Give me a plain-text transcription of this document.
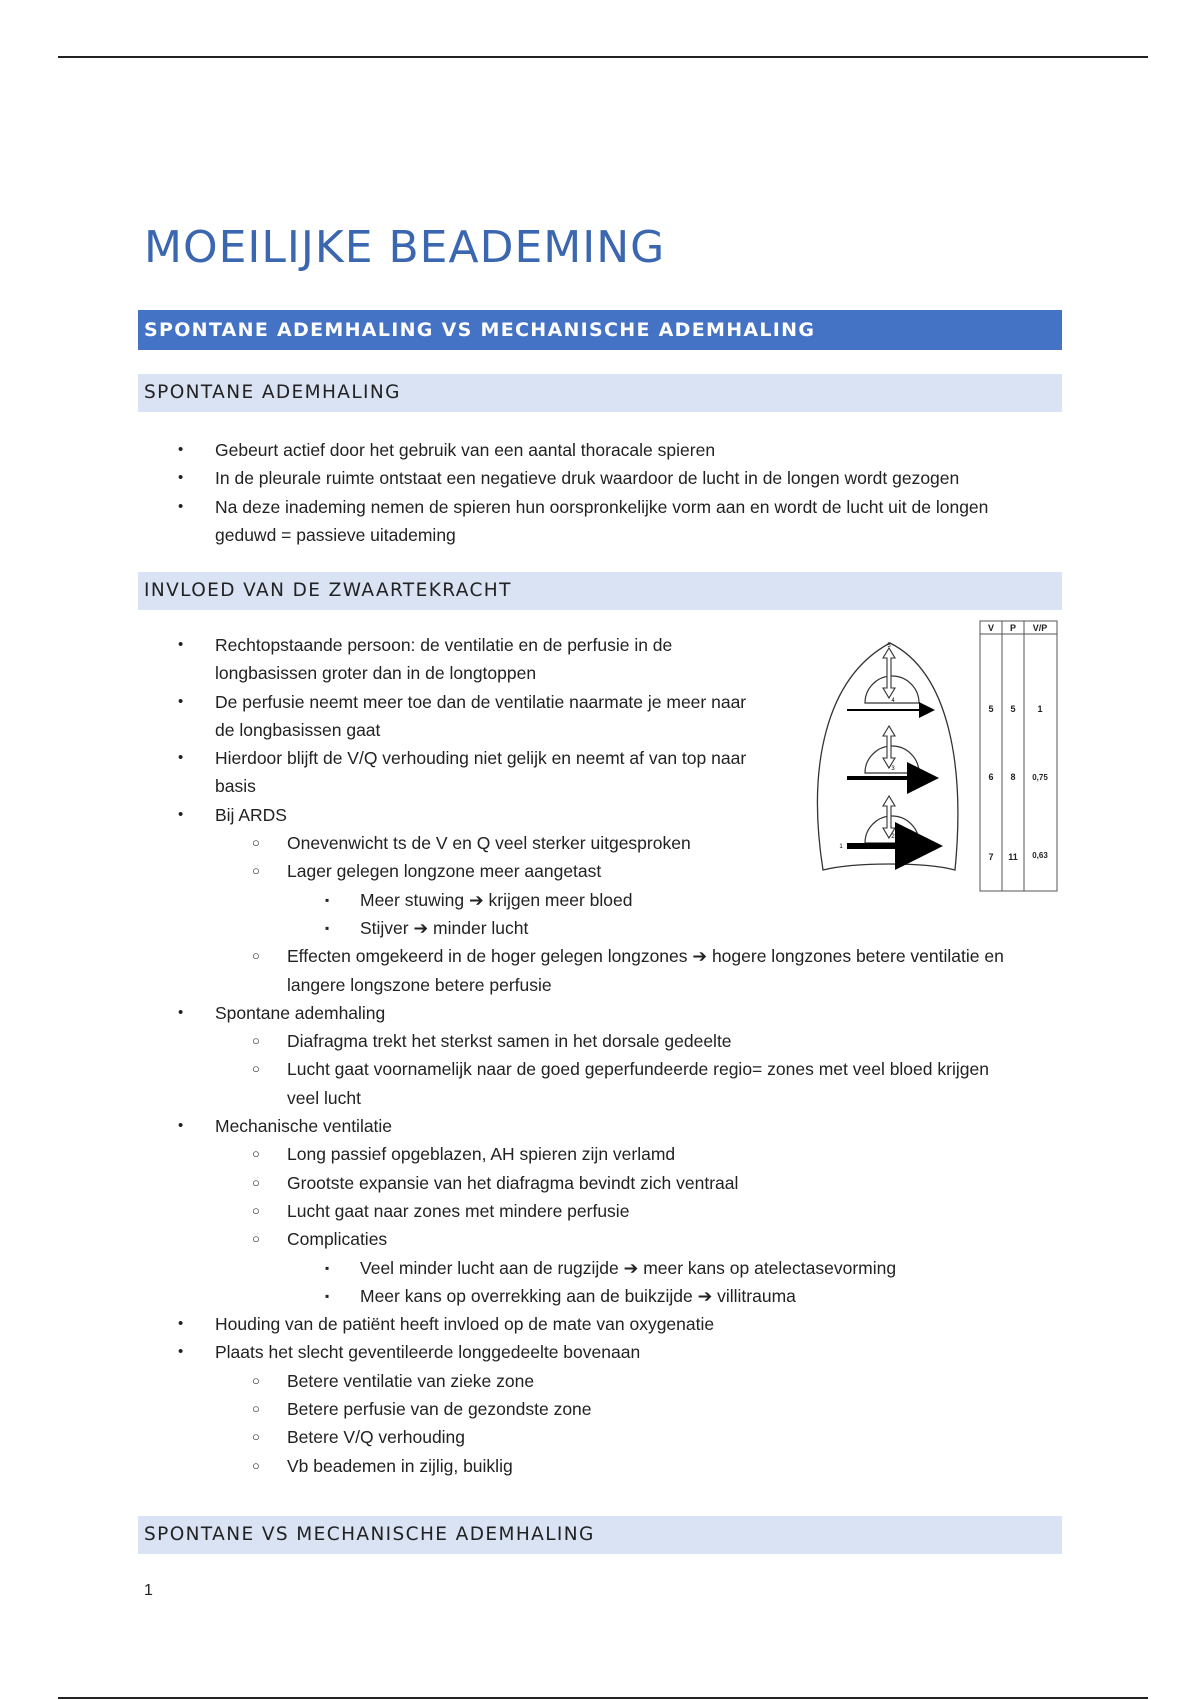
MOEILIJKE BEADEMING
SPONTANE ADEMHALING VS MECHANISCHE ADEMHALING
SPONTANE ADEMHALING
• Gebeurt actief door het gebruik van een aantal thoracale spieren
• In de pleurale ruimte ontstaat een negatieve druk waardoor de lucht in de longen wordt gezogen
• Na deze inademing nemen de spieren hun oorspronkelijke vorm aan en wordt de lucht uit de longen
geduwd = passieve uitademing
INVLOED VAN DE ZWAARTEKRACHT
• Rechtopstaande persoon: de ventilatie en de perfusie in de
longbasissen groter dan in de longtoppen
• De perfusie neemt meer toe dan de ventilatie naarmate je meer naar
de longbasissen gaat
• Hierdoor blijft de V/Q verhouding niet gelijk en neemt af van top naar
basis
• Bij ARDS
○ Onevenwicht ts de V en Q veel sterker uitgesproken
○ Lager gelegen longzone meer aangetast
▪ Meer stuwing ➔ krijgen meer bloed
▪ Stijver ➔ minder lucht
○ Effecten omgekeerd in de hoger gelegen longzones ➔ hogere longzones betere ventilatie en
langere longszone betere perfusie
• Spontane ademhaling
○ Diafragma trekt het sterkst samen in het dorsale gedeelte
○ Lucht gaat voornamelijk naar de goed geperfundeerde regio= zones met veel bloed krijgen
veel lucht
• Mechanische ventilatie
○ Long passief opgeblazen, AH spieren zijn verlamd
○ Grootste expansie van het diafragma bevindt zich ventraal
○ Lucht gaat naar zones met mindere perfusie
○ Complicaties
▪ Veel minder lucht aan de rugzijde ➔ meer kans op atelectasevorming
▪ Meer kans op overrekking aan de buikzijde ➔ villitrauma
• Houding van de patiënt heeft invloed op de mate van oxygenatie
• Plaats het slecht geventileerde longgedeelte bovenaan
○ Betere ventilatie van zieke zone
○ Betere perfusie van de gezondste zone
○ Betere V/Q verhouding
○ Vb beademen in zijlig, buiklig
5
4
3
2
1
V P V/P
5 5 1
6 8 0,75
7 11 0,63
SPONTANE VS MECHANISCHE ADEMHALING
1
